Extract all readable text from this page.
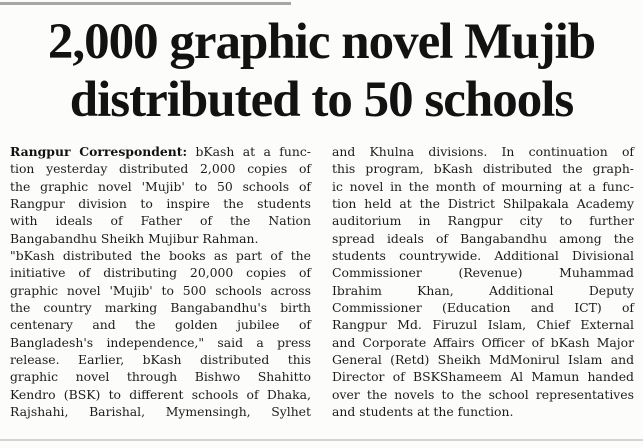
2,000 graphic novel Mujib
distributed to 50 schools
Rangpur Correspondent: bKash at a func-
tion yesterday distributed 2,000 copies of
the graphic novel 'Mujib' to 50 schools of
Rangpur division to inspire the students
with ideals of Father of the Nation
Bangabandhu Sheikh Mujibur Rahman.
"bKash distributed the books as part of the
initiative of distributing 20,000 copies of
graphic novel 'Mujib' to 500 schools across
the country marking Bangabandhu's birth
centenary and the golden jubilee of
Bangladesh's independence," said a press
release. Earlier, bKash distributed this
graphic novel through Bishwo Shahitto
Kendro (BSK) to different schools of Dhaka,
Rajshahi, Barishal, Mymensingh, Sylhet
and Khulna divisions. In continuation of
this program, bKash distributed the graph-
ic novel in the month of mourning at a func-
tion held at the District Shilpakala Academy
auditorium in Rangpur city to further
spread ideals of Bangabandhu among the
students countrywide. Additional Divisional
Commissioner (Revenue) Muhammad
Ibrahim Khan, Additional Deputy
Commissioner (Education and ICT) of
Rangpur Md. Firuzul Islam, Chief External
and Corporate Affairs Officer of bKash Major
General (Retd) Sheikh MdMonirul Islam and
Director of BSKShameem Al Mamun handed
over the novels to the school representatives
and students at the function.
